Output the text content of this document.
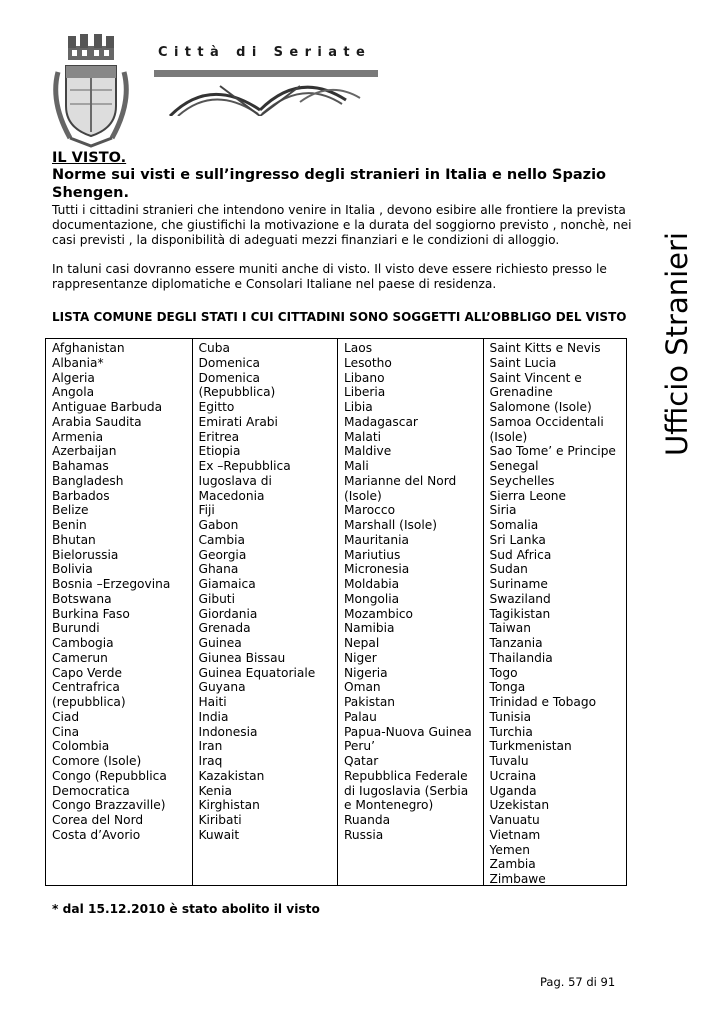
Città di Seriate
Ufficio Stranieri
IL VISTO.
Norme sui visti e sull’ingresso degli stranieri in Italia e nello Spazio Shengen.
Tutti i cittadini stranieri che intendono venire in Italia , devono esibire alle frontiere la prevista documentazione, che giustifichi la motivazione e la durata del soggiorno previsto , nonchè, nei casi previsti , la disponibilità di adeguati mezzi finanziari e le condizioni di alloggio.
In taluni casi dovranno essere muniti anche di visto. Il visto deve essere richiesto presso le rappresentanze diplomatiche e Consolari Italiane nel paese di residenza.
LISTA COMUNE DEGLI STATI I CUI CITTADINI SONO SOGGETTI ALL’OBBLIGO DEL VISTO
Afghanistan
Albania*
Algeria
Angola
Antiguae Barbuda
Arabia Saudita
Armenia
Azerbaijan
Bahamas
Bangladesh
Barbados
Belize
Benin
Bhutan
Bielorussia
Bolivia
Bosnia –Erzegovina
Botswana
Burkina Faso
Burundi
Cambogia
Camerun
Capo Verde
Centrafrica
(repubblica)
Ciad
Cina
Colombia
Comore (Isole)
Congo (Repubblica
Democratica
Congo Brazzaville)
Corea del Nord
Costa d’Avorio
Cuba
Domenica
Domenica
(Repubblica)
Egitto
Emirati Arabi
Eritrea
Etiopia
Ex –Repubblica
Iugoslava di
Macedonia
Fiji
Gabon
Cambia
Georgia
Ghana
Giamaica
Gibuti
Giordania
Grenada
Guinea
Giunea Bissau
Guinea Equatoriale
Guyana
Haiti
India
Indonesia
Iran
Iraq
Kazakistan
Kenia
Kirghistan
Kiribati
Kuwait
Laos
Lesotho
Libano
Liberia
Libia
Madagascar
Malati
Maldive
Mali
Marianne del Nord
(Isole)
Marocco
Marshall (Isole)
Mauritania
Mariutius
Micronesia
Moldabia
Mongolia
Mozambico
Namibia
Nepal
Niger
Nigeria
Oman
Pakistan
Palau
Papua-Nuova Guinea
Peru’
Qatar
Repubblica Federale
di Iugoslavia (Serbia
e Montenegro)
Ruanda
Russia
Saint Kitts e Nevis
Saint Lucia
Saint Vincent e
Grenadine
Salomone (Isole)
Samoa Occidentali
(Isole)
Sao Tome’ e Principe
Senegal
Seychelles
Sierra Leone
Siria
Somalia
Sri Lanka
Sud Africa
Sudan
Suriname
Swaziland
Tagikistan
Taiwan
Tanzania
Thailandia
Togo
Tonga
Trinidad e Tobago
Tunisia
Turchia
Turkmenistan
Tuvalu
Ucraina
Uganda
Uzekistan
Vanuatu
Vietnam
Yemen
Zambia
Zimbawe
* dal 15.12.2010 è stato abolito il visto
Pag. 57 di 91
